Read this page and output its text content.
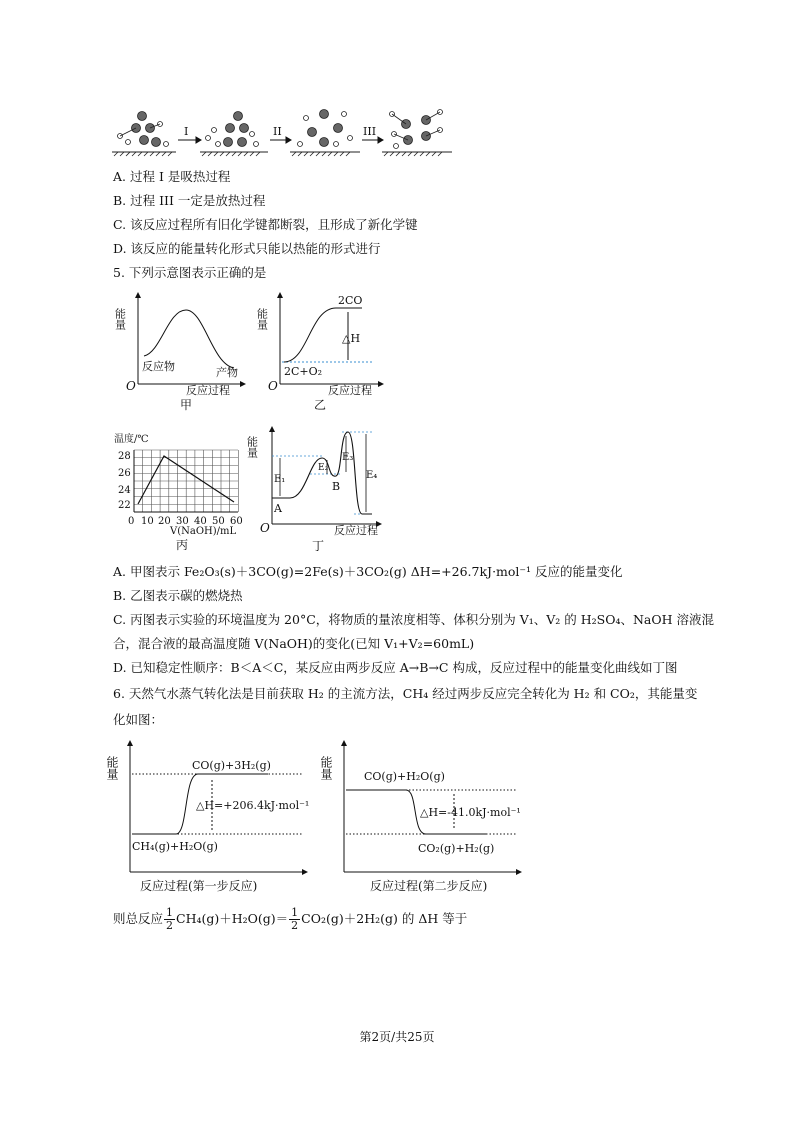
I	II	III
A. 过程 I 是吸热过程
B. 过程 III 一定是放热过程
C. 该反应过程所有旧化学键都断裂，且形成了新化学键
D. 该反应的能量转化形式只能以热能的形式进行
5. 下列示意图表示正确的是
能量
反应物	产物
O	反应过程
甲
能量
2CO
△H
2C+O₂
O	反应过程
乙
温度/℃
28
26
24
22
0 10 20 30 40 50 60
V(NaOH)/mL
丙
能量
E₁
E₂
E₃
E₄
A
B
O	反应过程
丁
A. 甲图表示 Fe₂O₃(s)＋3CO(g)=2Fe(s)＋3CO₂(g) ΔH=+26.7kJ·mol⁻¹ 反应的能量变化
B. 乙图表示碳的燃烧热
C. 丙图表示实验的环境温度为 20°C，将物质的量浓度相等、体积分别为 V₁、V₂ 的 H₂SO₄、NaOH 溶液混
合，混合液的最高温度随 V(NaOH)的变化(已知 V₁+V₂=60mL)
D. 已知稳定性顺序：B＜A＜C，某反应由两步反应 A→B→C 构成，反应过程中的能量变化曲线如丁图
6. 天然气水蒸气转化法是目前获取 H₂ 的主流方法，CH₄ 经过两步反应完全转化为 H₂ 和 CO₂，其能量变
化如图：
能量	CO(g)+3H₂(g)
△H=+206.4kJ·mol⁻¹
CH₄(g)+H₂O(g)
反应过程(第一步反应)
能量	CO(g)+H₂O(g)
△H=-41.0kJ·mol⁻¹
CO₂(g)+H₂(g)
反应过程(第二步反应)
则总反应 $\frac{1}{2} CH_4(g)+H_2O(g)= \frac{1}{2} CO_2(g)+2H_2(g)$ 的 ΔH 等于
第2页/共25页
